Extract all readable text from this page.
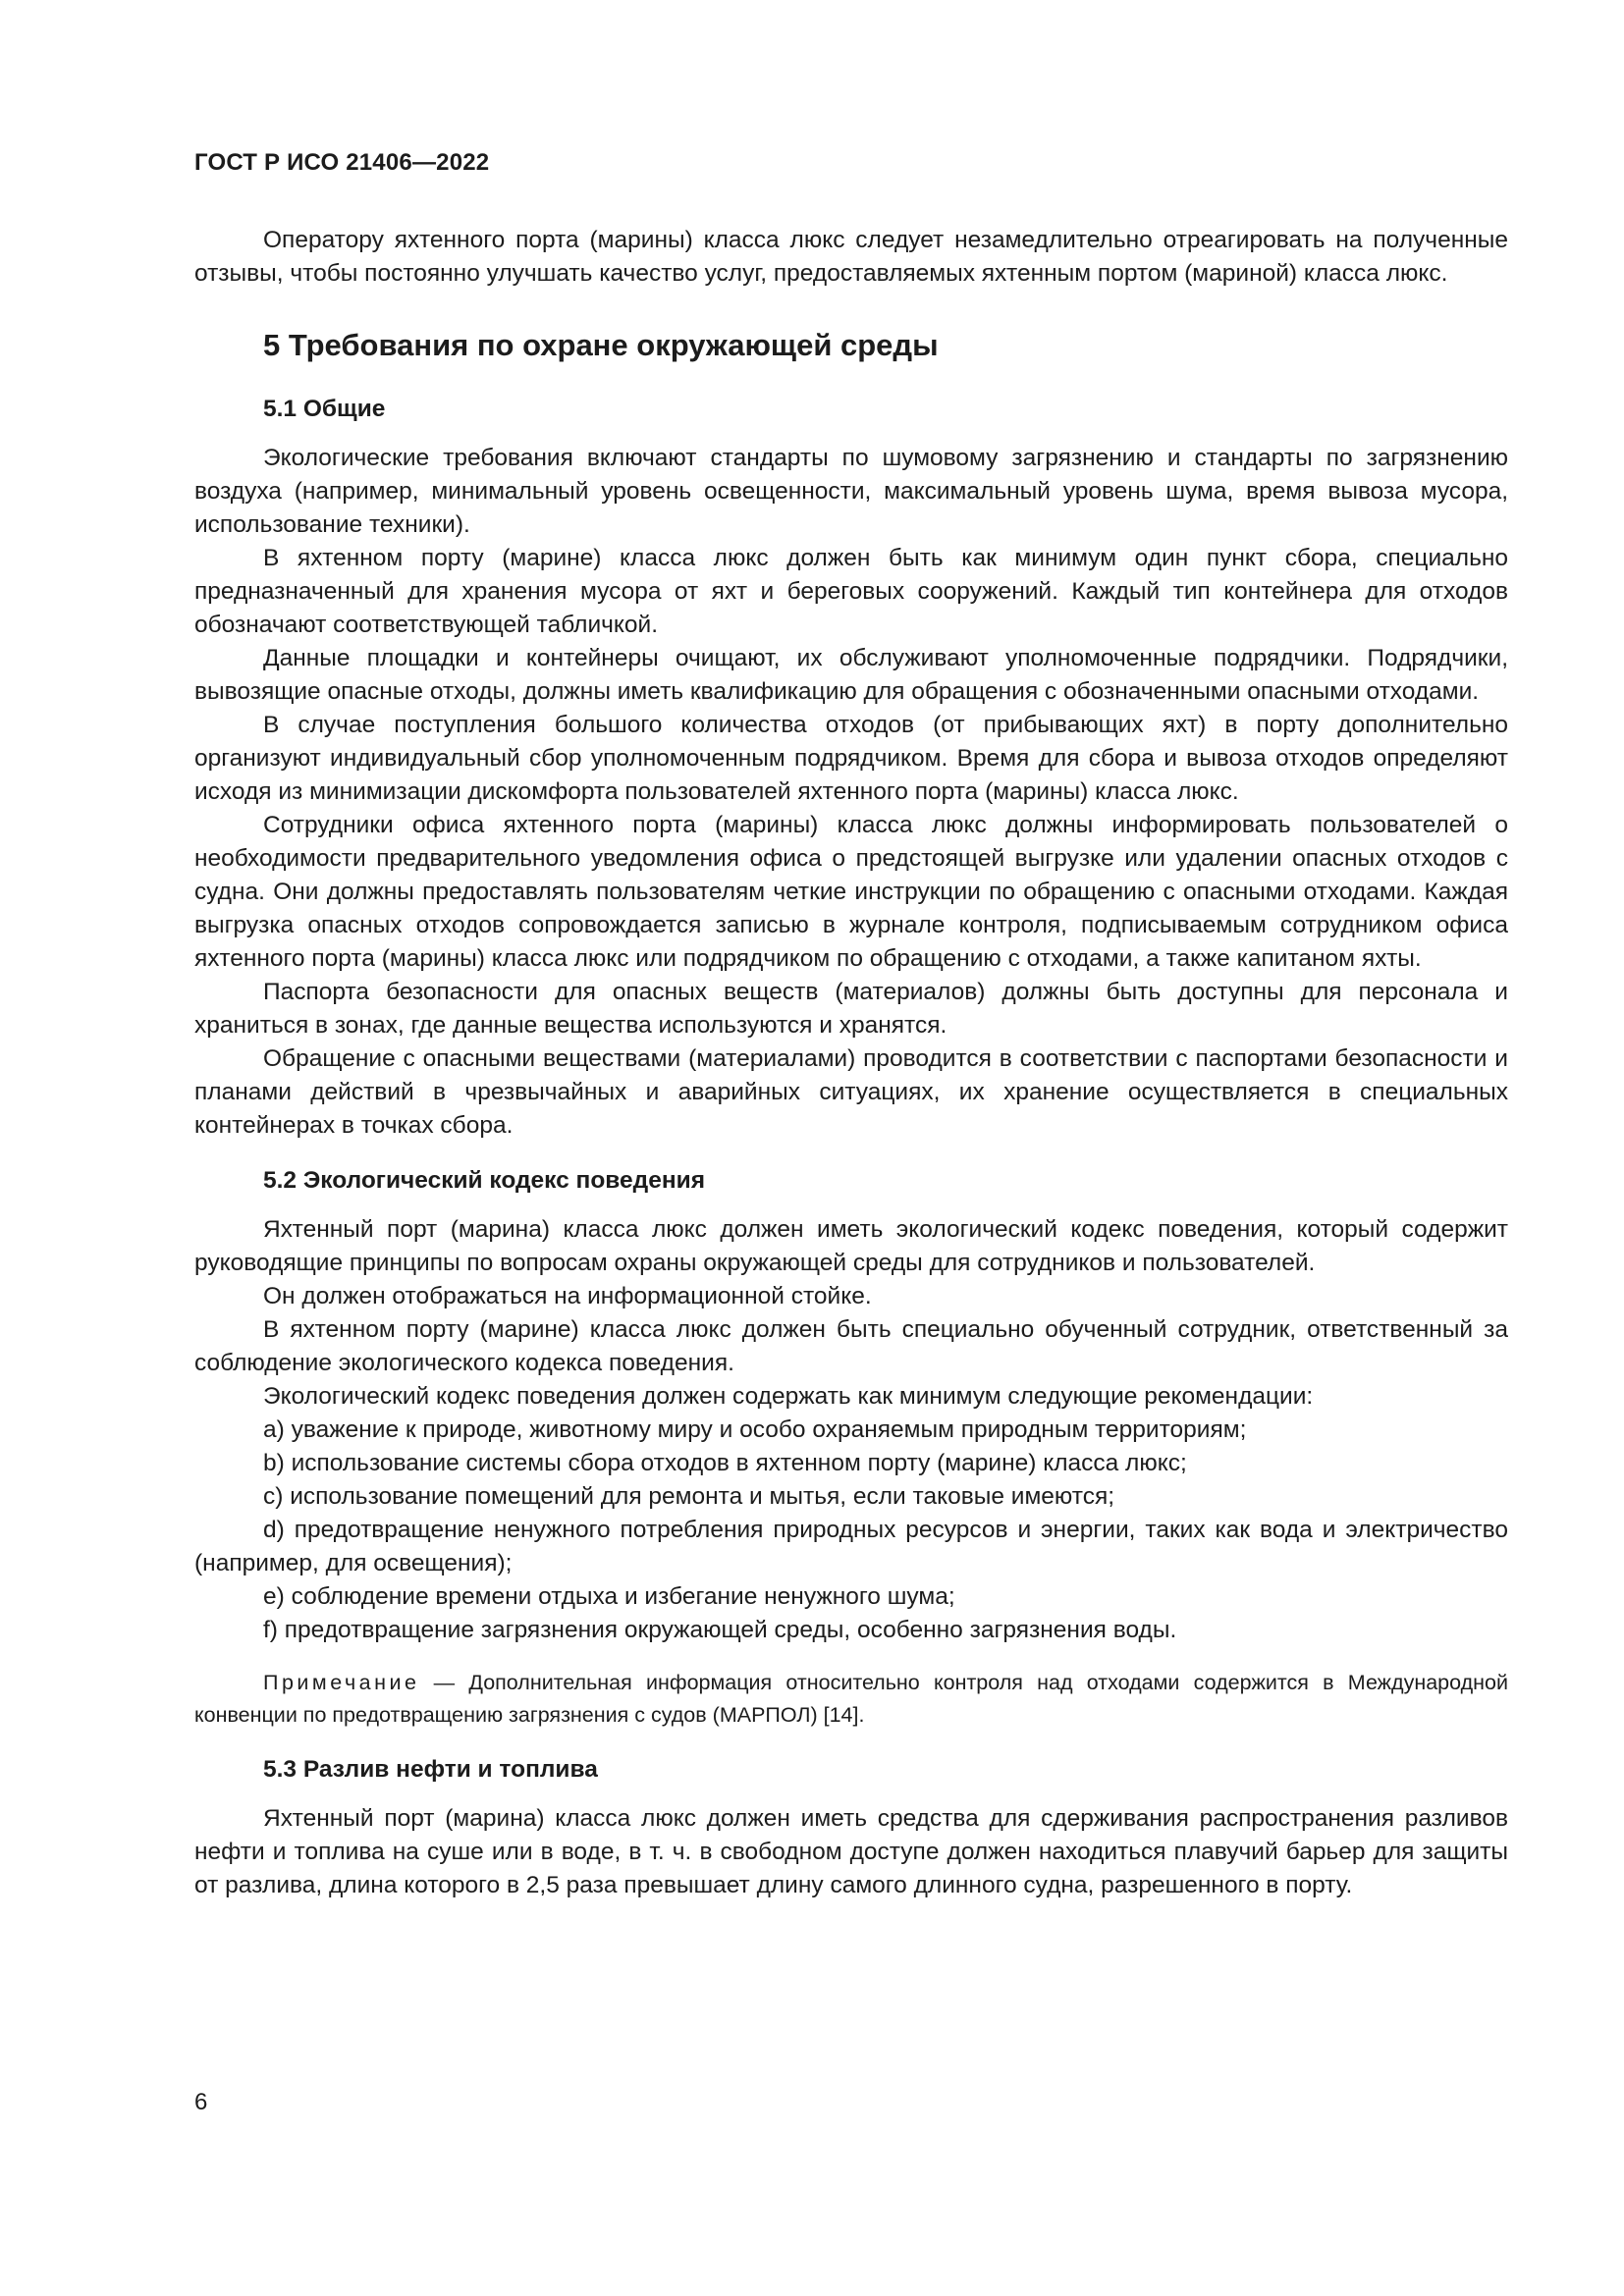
ГОСТ Р ИСО 21406—2022

Оператору яхтенного порта (марины) класса люкс следует незамедлительно отреагировать на полученные отзывы, чтобы постоянно улучшать качество услуг, предоставляемых яхтенным портом (мариной) класса люкс.

5 Требования по охране окружающей среды
5.1 Общие

Экологические требования включают стандарты по шумовому загрязнению и стандарты по загрязнению воздуха (например, минимальный уровень освещенности, максимальный уровень шума, время вывоза мусора, использование техники).

В яхтенном порту (марине) класса люкс должен быть как минимум один пункт сбора, специально предназначенный для хранения мусора от яхт и береговых сооружений. Каждый тип контейнера для отходов обозначают соответствующей табличкой.

Данные площадки и контейнеры очищают, их обслуживают уполномоченные подрядчики. Подрядчики, вывозящие опасные отходы, должны иметь квалификацию для обращения с обозначенными опасными отходами.

В случае поступления большого количества отходов (от прибывающих яхт) в порту дополнительно организуют индивидуальный сбор уполномоченным подрядчиком. Время для сбора и вывоза отходов определяют исходя из минимизации дискомфорта пользователей яхтенного порта (марины) класса люкс.

Сотрудники офиса яхтенного порта (марины) класса люкс должны информировать пользователей о необходимости предварительного уведомления офиса о предстоящей выгрузке или удалении опасных отходов с судна. Они должны предоставлять пользователям четкие инструкции по обращению с опасными отходами. Каждая выгрузка опасных отходов сопровождается записью в журнале контроля, подписываемым сотрудником офиса яхтенного порта (марины) класса люкс или подрядчиком по обращению с отходами, а также капитаном яхты.

Паспорта безопасности для опасных веществ (материалов) должны быть доступны для персонала и храниться в зонах, где данные вещества используются и хранятся.

Обращение с опасными веществами (материалами) проводится в соответствии с паспортами безопасности и планами действий в чрезвычайных и аварийных ситуациях, их хранение осуществляется в специальных контейнерах в точках сбора.

5.2 Экологический кодекс поведения

Яхтенный порт (марина) класса люкс должен иметь экологический кодекс поведения, который содержит руководящие принципы по вопросам охраны окружающей среды для сотрудников и пользователей.

Он должен отображаться на информационной стойке.

В яхтенном порту (марине) класса люкс должен быть специально обученный сотрудник, ответственный за соблюдение экологического кодекса поведения.

Экологический кодекс поведения должен содержать как минимум следующие рекомендации:

a) уважение к природе, животному миру и особо охраняемым природным территориям;

b) использование системы сбора отходов в яхтенном порту (марине) класса люкс;

c) использование помещений для ремонта и мытья, если таковые имеются;

d) предотвращение ненужного потребления природных ресурсов и энергии, таких как вода и электричество (например, для освещения);

e) соблюдение времени отдыха и избегание ненужного шума;

f) предотвращение загрязнения окружающей среды, особенно загрязнения воды.

Примечание — Дополнительная информация относительно контроля над отходами содержится в Международной конвенции по предотвращению загрязнения с судов (МАРПОЛ) [14].
5.3 Разлив нефти и топлива

Яхтенный порт (марина) класса люкс должен иметь средства для сдерживания распространения разливов нефти и топлива на суше или в воде, в т. ч. в свободном доступе должен находиться плавучий барьер для защиты от разлива, длина которого в 2,5 раза превышает длину самого длинного судна, разрешенного в порту.

6
